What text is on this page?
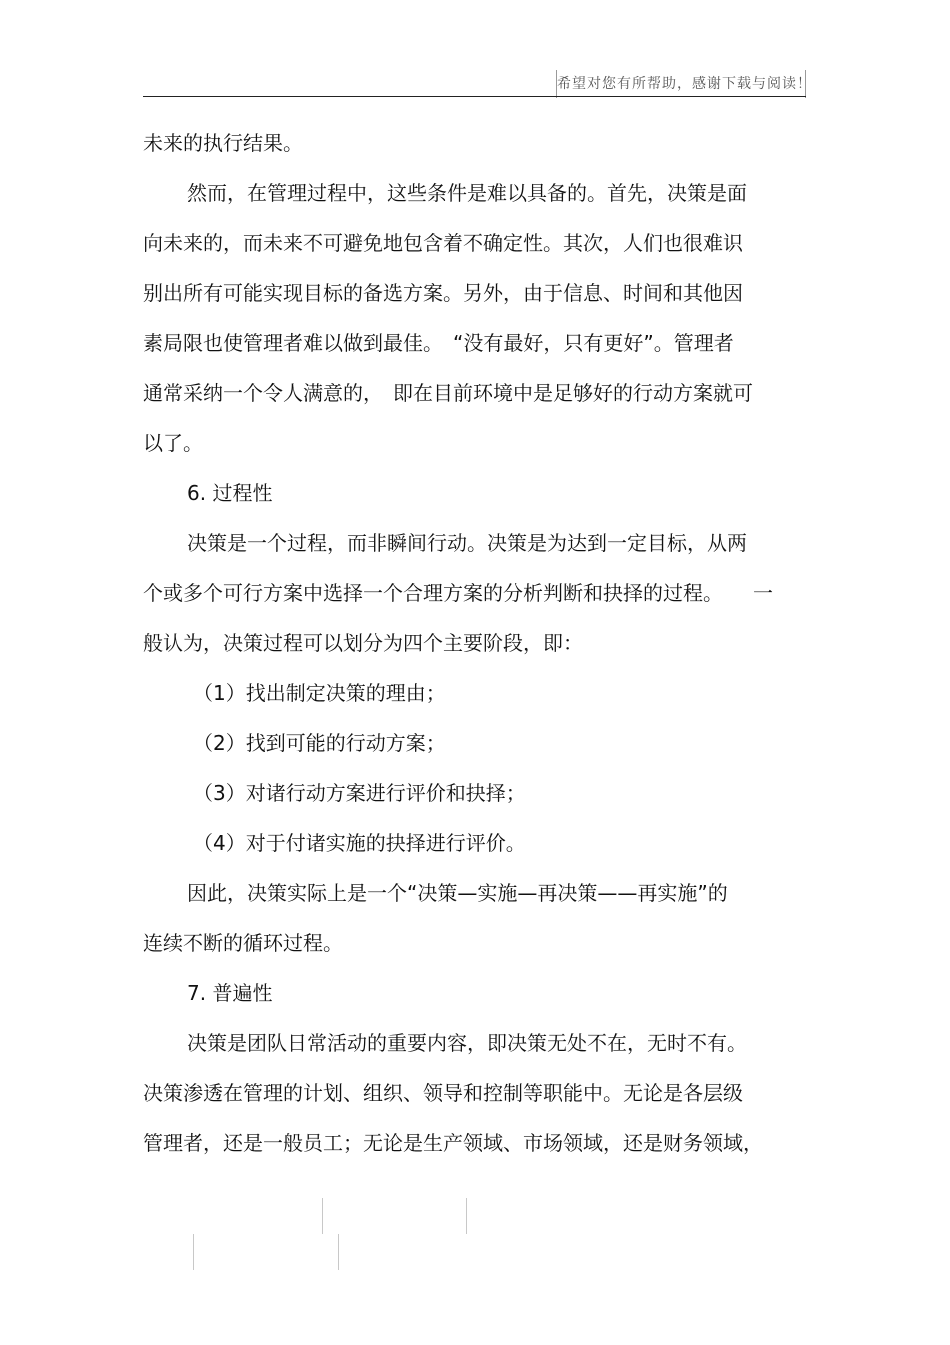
希望对您有所帮助，感谢下载与阅读！

未来的执行结果。

然而，在管理过程中，这些条件是难以具备的。首先，决策是面

向未来的，而未来不可避免地包含着不确定性。其次，人们也很难识

别出所有可能实现目标的备选方案。另外，由于信息、时间和其他因

素局限也使管理者难以做到最佳。　“没有最好，只有更好”。管理者

通常采纳一个令人满意的，　即在目前环境中是足够好的行动方案就可

以了。

6. 过程性

决策是一个过程，而非瞬间行动。决策是为达到一定目标，从两

个或多个可行方案中选择一个合理方案的分析判断和抉择的过程。　　一

般认为，决策过程可以划分为四个主要阶段，即：

（1）找出制定决策的理由；

（2）找到可能的行动方案；

（3）对诸行动方案进行评价和抉择；

（4）对于付诸实施的抉择进行评价。

因此，决策实际上是一个“决策—实施—再决策——再实施”的

连续不断的循环过程。

7. 普遍性

决策是团队日常活动的重要内容，即决策无处不在，无时不有。

决策渗透在管理的计划、组织、领导和控制等职能中。无论是各层级

管理者，还是一般员工；无论是生产领域、市场领域，还是财务领域，
